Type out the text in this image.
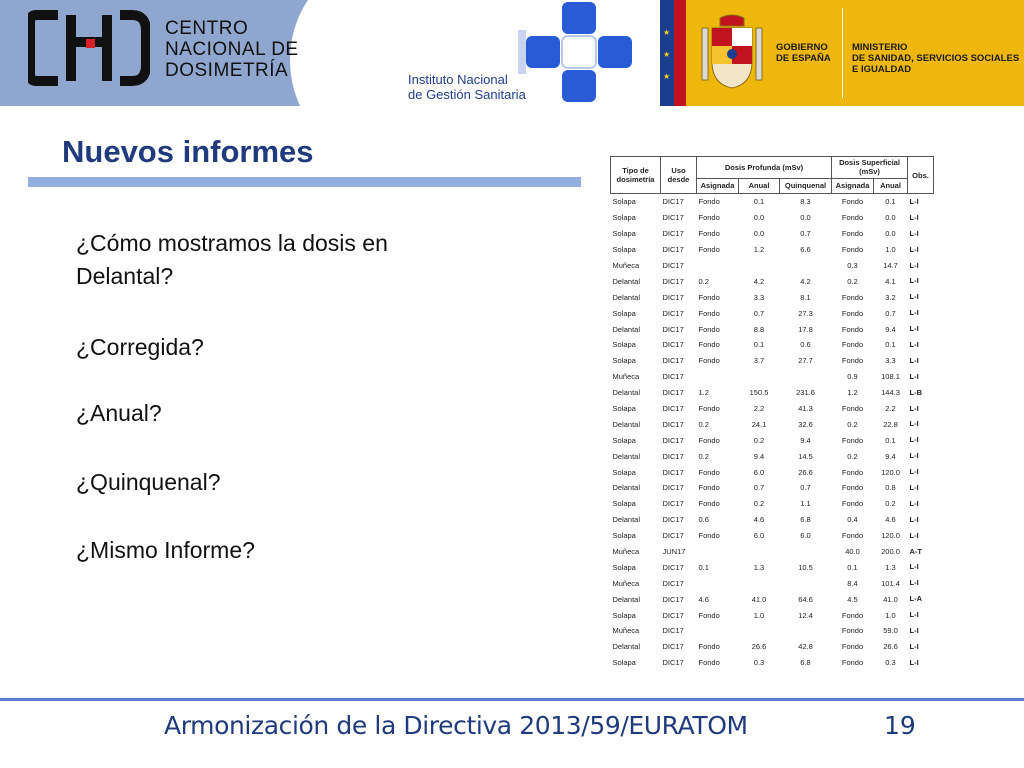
CENTRO
NACIONAL DE
DOSIMETRÍA	Instituto Nacional
de Gestión Sanitaria
★
★
★
GOBIERNO
DE ESPAÑA
MINISTERIO
DE SANIDAD, SERVICIOS SOCIALES
E IGUALDAD
Nuevos informes
¿Cómo mostramos la dosis en
Delantal?
¿Corregida?
¿Anual?
¿Quinquenal?
¿Mismo Informe?
Tipo de dosimetría	Uso desde	Dosis Profunda (mSv)			Dosis Superficial (mSv)		Obs.
		Asignada	Anual	Quinquenal	Asignada	Anual	
Solapa	DIC17	Fondo	0.1	8.3	Fondo	0.1	L-I
Solapa	DIC17	Fondo	0.0	0.0	Fondo	0.0	L-I
Solapa	DIC17	Fondo	0.0	0.7	Fondo	0.0	L-I
Solapa	DIC17	Fondo	1.2	6.6	Fondo	1.0	L-I
Muñeca	DIC17				0.3	14.7	L-I
Delantal	DIC17	0.2	4.2	4.2	0.2	4.1	L-I
Delantal	DIC17	Fondo	3.3	8.1	Fondo	3.2	L-I
Solapa	DIC17	Fondo	0.7	27.3	Fondo	0.7	L-I
Delantal	DIC17	Fondo	8.8	17.8	Fondo	9.4	L-I
Solapa	DIC17	Fondo	0.1	0.6	Fondo	0.1	L-I
Solapa	DIC17	Fondo	3.7	27.7	Fondo	3.3	L-I
Muñeca	DIC17				0.9	108.1	L-I
Delantal	DIC17	1.2	150.5	231.6	1.2	144.3	L-B
Solapa	DIC17	Fondo	2.2	41.3	Fondo	2.2	L-I
Delantal	DIC17	0.2	24.1	32.6	0.2	22.8	L-I
Solapa	DIC17	Fondo	0.2	9.4	Fondo	0.1	L-I
Delantal	DIC17	0.2	9.4	14.5	0.2	9.4	L-I
Solapa	DIC17	Fondo	6.0	26.6	Fondo	120.0	L-I
Delantal	DIC17	Fondo	0.7	0.7	Fondo	0.8	L-I
Solapa	DIC17	Fondo	0.2	1.1	Fondo	0.2	L-I
Delantal	DIC17	0.6	4.6	6.8	0.4	4.6	L-I
Solapa	DIC17	Fondo	6.0	6.0	Fondo	120.0	L-I
Muñeca	JUN17				40.0	200.0	A-T
Solapa	DIC17	0.1	1.3	10.5	0.1	1.3	L-I
Muñeca	DIC17				8.4	101.4	L-I
Delantal	DIC17	4.6	41.0	64.6	4.5	41.0	L-A
Solapa	DIC17	Fondo	1.0	12.4	Fondo	1.0	L-I
Muñeca	DIC17				Fondo	59.0	L-I
Delantal	DIC17	Fondo	26.6	42.8	Fondo	26.6	L-I
Solapa	DIC17	Fondo	0.3	6.8	Fondo	0.3	L-I
Armonización de la Directiva 2013/59/EURATOM	19
